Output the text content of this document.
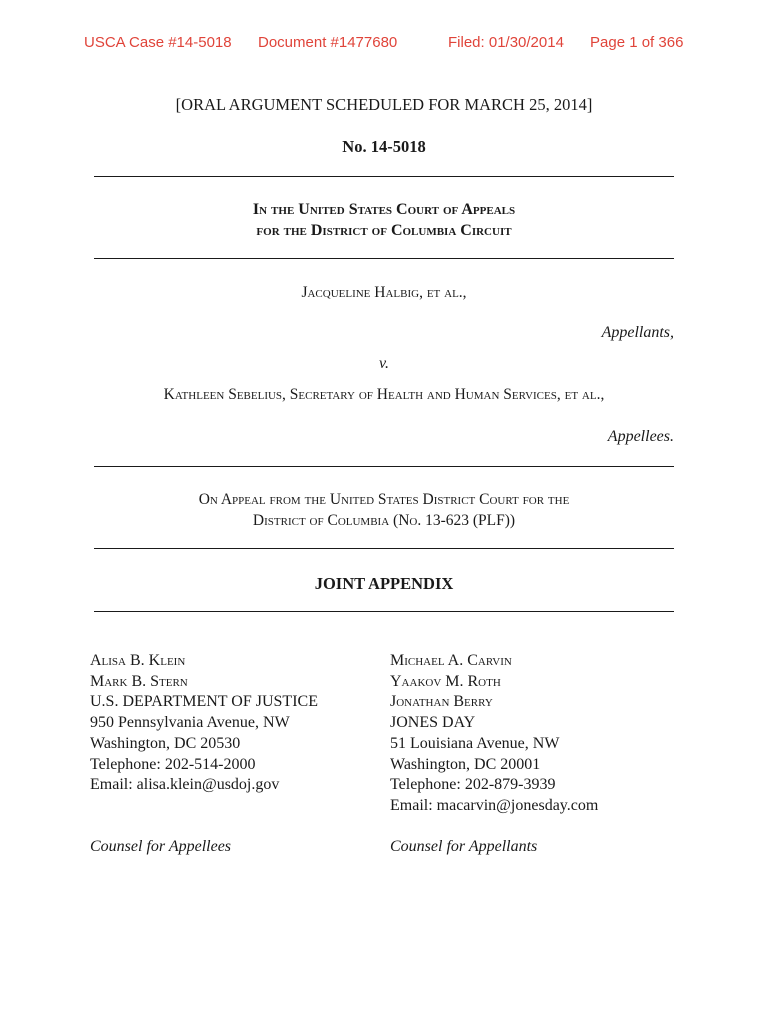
USCA Case #14-5018 Document #1477680	Filed: 01/30/2014 Page 1 of 366
[ORAL ARGUMENT SCHEDULED FOR MARCH 25, 2014]
No. 14-5018
In the United States Court of Appeals
for the District of Columbia Circuit
Jacqueline Halbig, et al.,
Appellants,
v.
Kathleen Sebelius, Secretary of Health and Human Services, et al.,
Appellees.
On Appeal from the United States District Court for the
District of Columbia (No. 13-623 (PLF))
JOINT APPENDIX
Alisa B. Klein
Mark B. Stern
U.S. DEPARTMENT OF JUSTICE
950 Pennsylvania Avenue, NW
Washington, DC 20530
Telephone: 202-514-2000
Email: alisa.klein@usdoj.gov
Michael A. Carvin
Yaakov M. Roth
Jonathan Berry
JONES DAY
51 Louisiana Avenue, NW
Washington, DC 20001
Telephone: 202-879-3939
Email: macarvin@jonesday.com
Counsel for Appellees	Counsel for Appellants
